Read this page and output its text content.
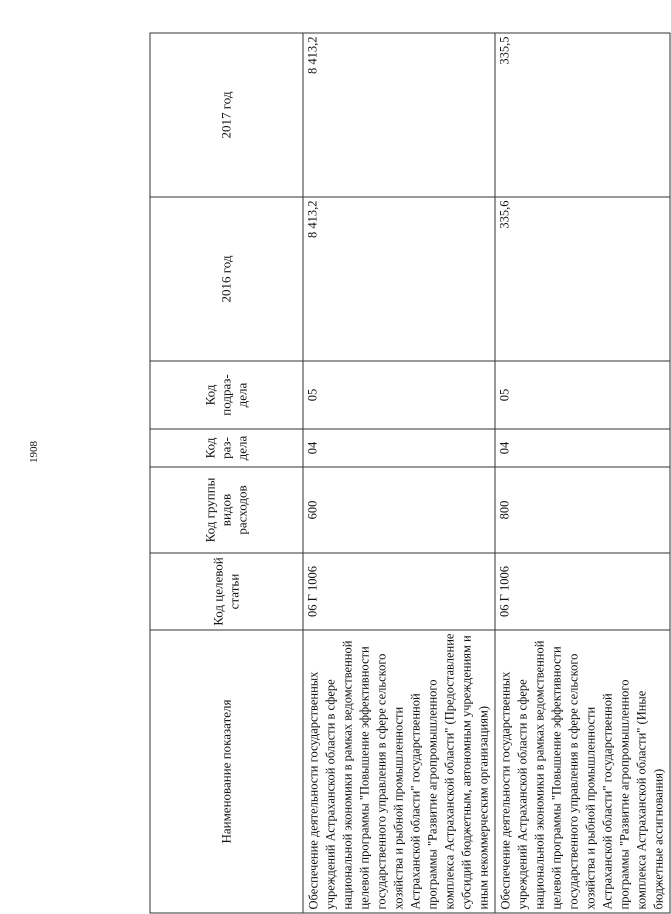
1908
Наименование показателя	Код целевой статьи	Код группы видов расходов	Код раз-дела	Код подраз-дела	2016 год	2017 год
Обеспечение деятельности государственных учреждений Астраханской области в сфере национальной экономики в рамках ведомственной целевой программы "Повышение эффективности государственного управления в сфере сельского хозяйства и рыбной промышленности Астраханской области" государственной программы "Развитие агропромышленного комплекса Астраханской области" (Предоставление субсидий бюджетным, автономным учреждениям и иным некоммерческим организациям)	06 Г 1006	600	04	05	8 413,2	8 413,2
Обеспечение деятельности государственных учреждений Астраханской области в сфере национальной экономики в рамках ведомственной целевой программы "Повышение эффективности государственного управления в сфере сельского хозяйства и рыбной промышленности Астраханской области" государственной программы "Развитие агропромышленного комплекса Астраханской области" (Иные бюджетные ассигнования)	06 Г 1006	800	04	05	335,6	335,5
